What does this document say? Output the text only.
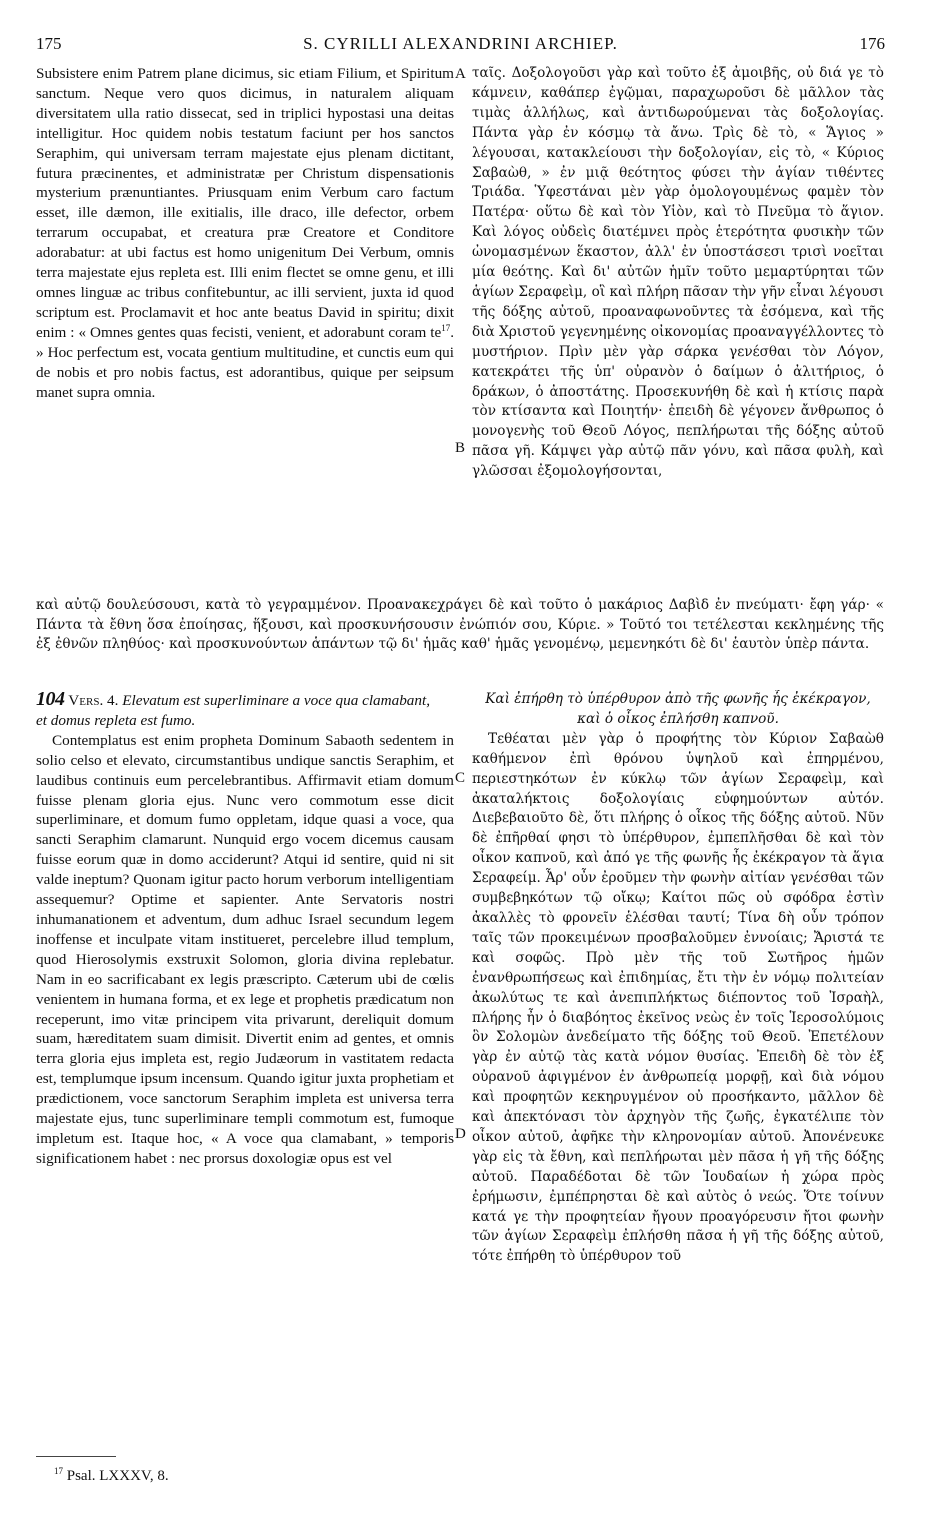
175	S. CYRILLI ALEXANDRINI ARCHIEP.	176

Subsistere enim Patrem plane dicimus, sic etiam Filium, et Spiritum sanctum. Neque vero quos dicimus, in naturalem aliquam diversitatem ulla ratio dissecat, sed in triplici hypostasi una deitas intelligitur. Hoc quidem nobis testatum faciunt per hos sanctos Seraphim, qui universam terram majestate ejus plenam dictitant, futura præcinentes, et administratæ per Christum dispensationis mysterium prænuntiantes. Priusquam enim Verbum caro factum esset, ille dæmon, ille exitialis, ille draco, ille defector, orbem terrarum occupabat, et creatura præ Creatore et Conditore adorabatur: at ubi factus est homo unigenitum Dei Verbum, omnis terra majestate ejus repleta est. Illi enim flectet se omne genu, et illi omnes linguæ ac tribus confitebuntur, ac illi servient, juxta id quod scriptum est. Proclamavit et hoc ante beatus David in spiritu; dixit enim : « Omnes gentes quas fecisti, venient, et adorabunt coram $te^{17}$. » Hoc perfectum est, vocata gentium multitudine, et cunctis eum qui de nobis et pro nobis factus, est adorantibus, quique per seipsum manet supra omnia.

ταῖς. Δοξολογοῦσι γὰρ καὶ τοῦτο ἐξ ἀμοιβῆς, οὐ διά γε τὸ κάμνειν, καθάπερ ἐγῷμαι, παραχωροῦσι δὲ μᾶλλον τὰς τιμὰς ἀλλήλως, καὶ ἀντιδωρούμεναι τὰς δοξολογίας. Πάντα γὰρ ἐν κόσμῳ τὰ ἄνω. Τρὶς δὲ τὸ, « Ἅγιος » λέγουσαι, κατακλείουσι τὴν δοξολογίαν, εἰς τὸ, « Κύριος Σαβαὼθ, » ἐν μιᾷ θεότητος φύσει τὴν ἁγίαν τιθέντες Τριάδα. Ὑφεστάναι μὲν γὰρ ὁμολογουμένως φαμὲν τὸν Πατέρα· οὕτω δὲ καὶ τὸν Υἱὸν, καὶ τὸ Πνεῦμα τὸ ἅγιον. Καὶ λόγος οὐδεὶς διατέμνει πρὸς ἑτερότητα φυσικὴν τῶν ὠνομασμένων ἕκαστον, ἀλλ' ἐν ὑποστάσεσι τρισὶ νοεῖται μία θεότης. Καὶ δι' αὐτῶν ἡμῖν τοῦτο μεμαρτύρηται τῶν ἁγίων Σεραφεὶμ, οἳ καὶ πλήρη πᾶσαν τὴν γῆν εἶναι λέγουσι τῆς δόξης αὐτοῦ, προαναφωνοῦντες τὰ ἐσόμενα, καὶ τῆς διὰ Χριστοῦ γεγενημένης οἰκονομίας προαναγγέλλοντες τὸ μυστήριον. Πρὶν μὲν γὰρ σάρκα γενέσθαι τὸν Λόγον, κατεκράτει τῆς ὑπ' οὐρανὸν ὁ δαίμων ὁ ἀλιτήριος, ὁ δράκων, ὁ ἀποστάτης. Προσεκυνήθη δὲ καὶ ἡ κτίσις παρὰ τὸν κτίσαντα καὶ Ποιητήν· ἐπειδὴ δὲ γέγονεν ἄνθρωπος ὁ μονογενὴς τοῦ Θεοῦ Λόγος, πεπλήρωται τῆς δόξης αὐτοῦ πᾶσα γῆ. Κάμψει γὰρ αὐτῷ πᾶν γόνυ, καὶ πᾶσα φυλὴ, καὶ γλῶσσαι ἐξομολογήσονται,

A
B
C
D

καὶ αὐτῷ δουλεύσουσι, κατὰ τὸ γεγραμμένον. Προανακεχράγει δὲ καὶ τοῦτο ὁ μακάριος Δαβὶδ ἐν πνεύματι· ἔφη γάρ· « Πάντα τὰ ἔθνη ὅσα ἐποίησας, ἥξουσι, καὶ προσκυνήσουσιν ἐνώπιόν σου, Κύριε. » Τοῦτό τοι τετέλεσται κεκλημένης τῆς ἐξ ἐθνῶν πληθύος· καὶ προσκυνούντων ἁπάντων τῷ δι' ἡμᾶς καθ' ἡμᾶς γενομένῳ, μεμενηκότι δὲ δι' ἑαυτὸν ὑπὲρ πάντα.

104 Vers. 4. Elevatum est superliminare a voce qua clamabant, et domus repleta est fumo.

Contemplatus est enim propheta Dominum Sabaoth sedentem in solio celso et elevato, circumstantibus undique sanctis Seraphim, et laudibus continuis eum percelebrantibus. Affirmavit etiam domum fuisse plenam gloria ejus. Nunc vero commotum esse dicit superliminare, et domum fumo oppletam, idque quasi a voce, qua sancti Seraphim clamarunt. Nunquid ergo vocem dicemus causam fuisse eorum quæ in domo acciderunt? Atqui id sentire, quid ni sit valde ineptum? Quonam igitur pacto horum verborum intelligentiam assequemur? Optime et sapienter. Ante Servatoris nostri inhumanationem et adventum, dum adhuc Israel secundum legem inoffense et inculpate vitam institueret, percelebre illud templum, quod Hierosolymis exstruxit Solomon, gloria divina replebatur. Nam in eo sacrificabant ex legis præscripto. Cæterum ubi de cœlis venientem in humana forma, et ex lege et prophetis prædicatum non receperunt, imo vitæ principem vita privarunt, dereliquit domum suam, hæreditatem suam dimisit. Divertit enim ad gentes, et omnis terra gloria ejus impleta est, regio Judæorum in vastitatem redacta est, templumque ipsum incensum. Quando igitur juxta prophetiam et prædictionem, voce sanctorum Seraphim impleta est universa terra majestate ejus, tunc superliminare templi commotum est, fumoque impletum est. Itaque hoc, « A voce qua clamabant, » temporis significationem habet : nec prorsus doxologiæ opus est vel

Καὶ ἐπήρθη τὸ ὑπέρθυρον ἀπὸ τῆς φωνῆς ἧς ἐκέκραγον, καὶ ὁ οἶκος ἐπλήσθη καπνοῦ.

Τεθέαται μὲν γὰρ ὁ προφήτης τὸν Κύριον Σαβαὼθ καθήμενον ἐπὶ θρόνου ὑψηλοῦ καὶ ἐπηρμένου, περιεστηκότων ἐν κύκλῳ τῶν ἁγίων Σεραφεὶμ, καὶ ἀκαταλήκτοις δοξολογίαις εὐφημούντων αὐτόν. Διεβεβαιοῦτο δὲ, ὅτι πλήρης ὁ οἶκος τῆς δόξης αὐτοῦ. Νῦν δὲ ἐπῆρθαί φησι τὸ ὑπέρθυρον, ἐμπεπλῆσθαι δὲ καὶ τὸν οἶκον καπνοῦ, καὶ ἀπό γε τῆς φωνῆς ἧς ἐκέκραγον τὰ ἅγια Σεραφείμ. Ἆρ' οὖν ἐροῦμεν τὴν φωνὴν αἰτίαν γενέσθαι τῶν συμβεβηκότων τῷ οἴκῳ; Καίτοι πῶς οὐ σφόδρα ἐστὶν ἀκαλλὲς τὸ φρονεῖν ἑλέσθαι ταυτί; Τίνα δὴ οὖν τρόπον ταῖς τῶν προκειμένων προσβαλοῦμεν ἐννοίαις; Ἄριστά τε καὶ σοφῶς. Πρὸ μὲν τῆς τοῦ Σωτῆρος ἡμῶν ἐνανθρωπήσεως καὶ ἐπιδημίας, ἔτι τὴν ἐν νόμῳ πολιτείαν ἀκωλύτως τε καὶ ἀνεπιπλήκτως διέποντος τοῦ Ἰσραὴλ, πλήρης ἦν ὁ διαβόητος ἐκεῖνος νεὼς ἐν τοῖς Ἱεροσολύμοις ὃν Σολομὼν ἀνεδείματο τῆς δόξης τοῦ Θεοῦ. Ἐπετέλουν γὰρ ἐν αὐτῷ τὰς κατὰ νόμον θυσίας. Ἐπειδὴ δὲ τὸν ἐξ οὐρανοῦ ἀφιγμένον ἐν ἀνθρωπείᾳ μορφῇ, καὶ διὰ νόμου καὶ προφητῶν κεκηρυγμένον οὐ προσήκαντο, μᾶλλον δὲ καὶ ἀπεκτόνασι τὸν ἀρχηγὸν τῆς ζωῆς, ἐγκατέλιπε τὸν οἶκον αὐτοῦ, ἀφῆκε τὴν κληρονομίαν αὐτοῦ. Ἀπονένευκε γὰρ εἰς τὰ ἔθνη, καὶ πεπλήρωται μὲν πᾶσα ἡ γῆ τῆς δόξης αὐτοῦ. Παραδέδοται δὲ τῶν Ἰουδαίων ἡ χώρα πρὸς ἐρήμωσιν, ἐμπέπρησται δὲ καὶ αὐτὸς ὁ νεώς. Ὅτε τοίνυν κατά γε τὴν προφητείαν ἤγουν προαγόρευσιν ἤτοι φωνὴν τῶν ἁγίων Σεραφεὶμ ἐπλήσθη πᾶσα ἡ γῆ τῆς δόξης αὐτοῦ, τότε ἐπήρθη τὸ ὑπέρθυρον τοῦ

$^{17}$ Psal. LXXXV, 8.
